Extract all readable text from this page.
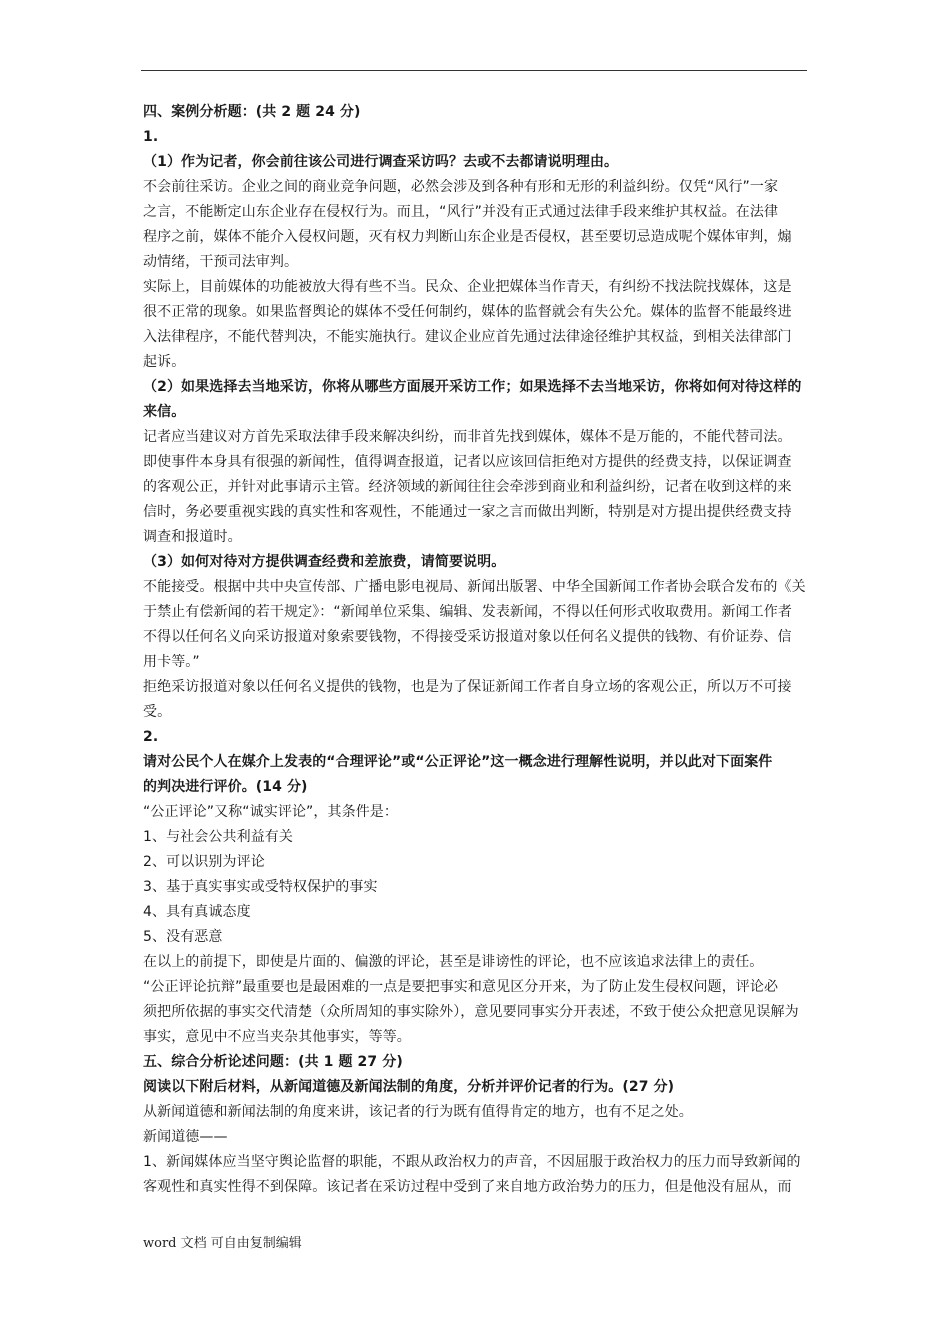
四、案例分析题：(共 2 题 24 分)
1.
（1）作为记者，你会前往该公司进行调查采访吗？去或不去都请说明理由。
不会前往采访。企业之间的商业竞争问题，必然会涉及到各种有形和无形的利益纠纷。仅凭“风行”一家
之言，不能断定山东企业存在侵权行为。而且，“风行”并没有正式通过法律手段来维护其权益。在法律
程序之前，媒体不能介入侵权问题，灭有权力判断山东企业是否侵权，甚至要切忌造成呢个媒体审判，煽
动情绪，干预司法审判。
实际上，目前媒体的功能被放大得有些不当。民众、企业把媒体当作青天，有纠纷不找法院找媒体，这是
很不正常的现象。如果监督舆论的媒体不受任何制约，媒体的监督就会有失公允。媒体的监督不能最终进
入法律程序，不能代替判决，不能实施执行。建议企业应首先通过法律途径维护其权益，到相关法律部门
起诉。
（2）如果选择去当地采访，你将从哪些方面展开采访工作；如果选择不去当地采访，你将如何对待这样的
来信。
记者应当建议对方首先采取法律手段来解决纠纷，而非首先找到媒体，媒体不是万能的，不能代替司法。
即使事件本身具有很强的新闻性，值得调查报道，记者以应该回信拒绝对方提供的经费支持，以保证调查
的客观公正，并针对此事请示主管。经济领域的新闻往往会牵涉到商业和利益纠纷，记者在收到这样的来
信时，务必要重视实践的真实性和客观性，不能通过一家之言而做出判断，特别是对方提出提供经费支持
调查和报道时。
（3）如何对待对方提供调查经费和差旅费，请简要说明。
不能接受。根据中共中央宣传部、广播电影电视局、新闻出版署、中华全国新闻工作者协会联合发布的《关
于禁止有偿新闻的若干规定》：“新闻单位采集、编辑、发表新闻，不得以任何形式收取费用。新闻工作者
不得以任何名义向采访报道对象索要钱物，不得接受采访报道对象以任何名义提供的钱物、有价证券、信
用卡等。”
拒绝采访报道对象以任何名义提供的钱物，也是为了保证新闻工作者自身立场的客观公正，所以万不可接
受。
2.
请对公民个人在媒介上发表的“合理评论”或“公正评论”这一概念进行理解性说明，并以此对下面案件
的判决进行评价。(14 分)
“公正评论”又称“诚实评论”，其条件是：
1、与社会公共利益有关
2、可以识别为评论
3、基于真实事实或受特权保护的事实
4、具有真诚态度
5、没有恶意
在以上的前提下，即使是片面的、偏激的评论，甚至是诽谤性的评论，也不应该追求法律上的责任。
“公正评论抗辩”最重要也是最困难的一点是要把事实和意见区分开来，为了防止发生侵权问题，评论必
须把所依据的事实交代清楚（众所周知的事实除外），意见要同事实分开表述，不致于使公众把意见误解为
事实，意见中不应当夹杂其他事实，等等。
五、综合分析论述问题：(共 1 题 27 分)
阅读以下附后材料，从新闻道德及新闻法制的角度，分析并评价记者的行为。(27 分)
从新闻道德和新闻法制的角度来讲，该记者的行为既有值得肯定的地方，也有不足之处。
新闻道德——
1、新闻媒体应当坚守舆论监督的职能，不跟从政治权力的声音，不因屈服于政治权力的压力而导致新闻的
客观性和真实性得不到保障。该记者在采访过程中受到了来自地方政治势力的压力，但是他没有屈从，而
word 文档 可自由复制编辑
